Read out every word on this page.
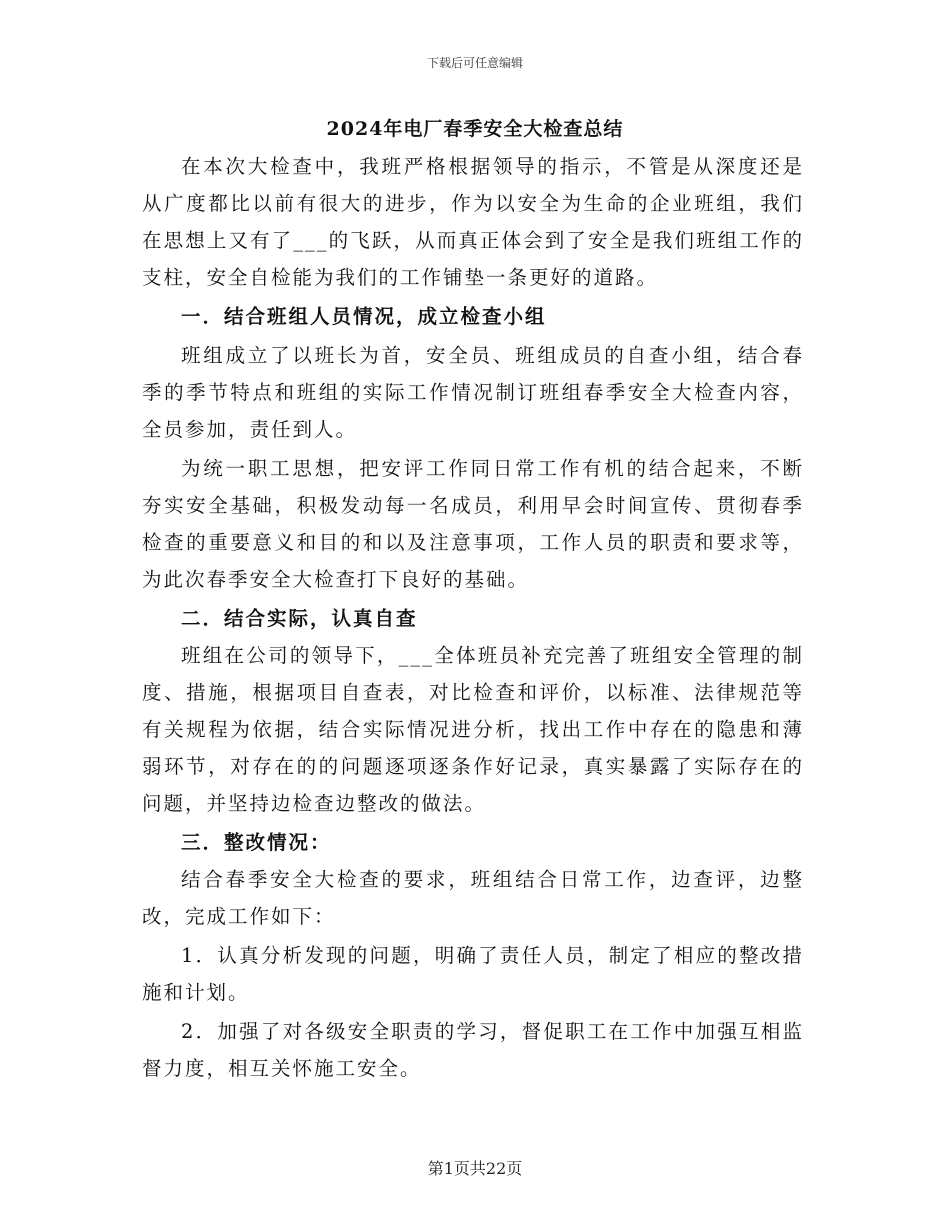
下载后可任意编辑
2024年电厂春季安全大检查总结

在本次大检查中，我班严格根据领导的指示，不管是从深度还是从广度都比以前有很大的进步，作为以安全为生命的企业班组，我们在思想上又有了___的飞跃，从而真正体会到了安全是我们班组工作的支柱，安全自检能为我们的工作铺垫一条更好的道路。

一．结合班组人员情况，成立检查小组

班组成立了以班长为首，安全员、班组成员的自查小组，结合春季的季节特点和班组的实际工作情况制订班组春季安全大检查内容，全员参加，责任到人。

为统一职工思想，把安评工作同日常工作有机的结合起来，不断夯实安全基础，积极发动每一名成员，利用早会时间宣传、贯彻春季检查的重要意义和目的和以及注意事项，工作人员的职责和要求等，为此次春季安全大检查打下良好的基础。

二．结合实际，认真自查

班组在公司的领导下，___全体班员补充完善了班组安全管理的制度、措施，根据项目自查表，对比检查和评价，以标准、法律规范等有关规程为依据，结合实际情况进分析，找出工作中存在的隐患和薄弱环节，对存在的的问题逐项逐条作好记录，真实暴露了实际存在的问题，并坚持边检查边整改的做法。

三．整改情况：

结合春季安全大检查的要求，班组结合日常工作，边查评，边整改，完成工作如下：

1．认真分析发现的问题，明确了责任人员，制定了相应的整改措施和计划。

2．加强了对各级安全职责的学习，督促职工在工作中加强互相监督力度，相互关怀施工安全。

第1页共22页
